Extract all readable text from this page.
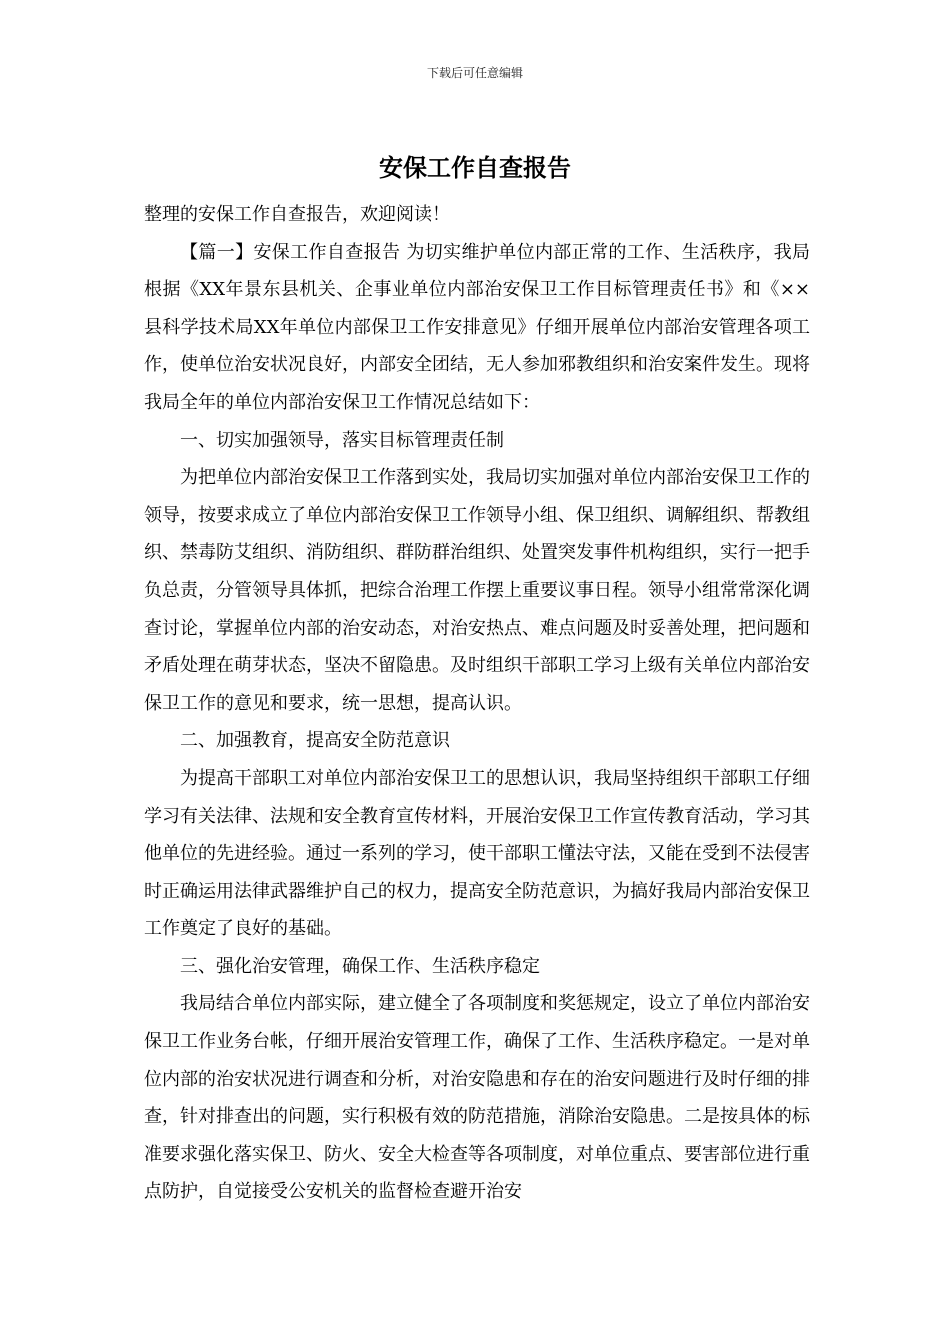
下载后可任意编辑
安保工作自查报告

整理的安保工作自查报告，欢迎阅读！

【篇一】安保工作自查报告 为切实维护单位内部正常的工作、生活秩序，我局根据《XX年景东县机关、企事业单位内部治安保卫工作目标管理责任书》和《××县科学技术局XX年单位内部保卫工作安排意见》仔细开展单位内部治安管理各项工作，使单位治安状况良好，内部安全团结，无人参加邪教组织和治安案件发生。现将我局全年的单位内部治安保卫工作情况总结如下：

一、切实加强领导，落实目标管理责任制

为把单位内部治安保卫工作落到实处，我局切实加强对单位内部治安保卫工作的领导，按要求成立了单位内部治安保卫工作领导小组、保卫组织、调解组织、帮教组织、禁毒防艾组织、消防组织、群防群治组织、处置突发事件机构组织，实行一把手负总责，分管领导具体抓，把综合治理工作摆上重要议事日程。领导小组常常深化调查讨论，掌握单位内部的治安动态，对治安热点、难点问题及时妥善处理，把问题和矛盾处理在萌芽状态，坚决不留隐患。及时组织干部职工学习上级有关单位内部治安保卫工作的意见和要求，统一思想，提高认识。

二、加强教育，提高安全防范意识

为提高干部职工对单位内部治安保卫工的思想认识，我局坚持组织干部职工仔细学习有关法律、法规和安全教育宣传材料，开展治安保卫工作宣传教育活动，学习其他单位的先进经验。通过一系列的学习，使干部职工懂法守法，又能在受到不法侵害时正确运用法律武器维护自己的权力，提高安全防范意识，为搞好我局内部治安保卫工作奠定了良好的基础。

三、强化治安管理，确保工作、生活秩序稳定

我局结合单位内部实际，建立健全了各项制度和奖惩规定，设立了单位内部治安保卫工作业务台帐，仔细开展治安管理工作，确保了工作、生活秩序稳定。一是对单位内部的治安状况进行调查和分析，对治安隐患和存在的治安问题进行及时仔细的排查，针对排查出的问题，实行积极有效的防范措施，消除治安隐患。二是按具体的标准要求强化落实保卫、防火、安全大检查等各项制度，对单位重点、要害部位进行重点防护，自觉接受公安机关的监督检查避开治安
